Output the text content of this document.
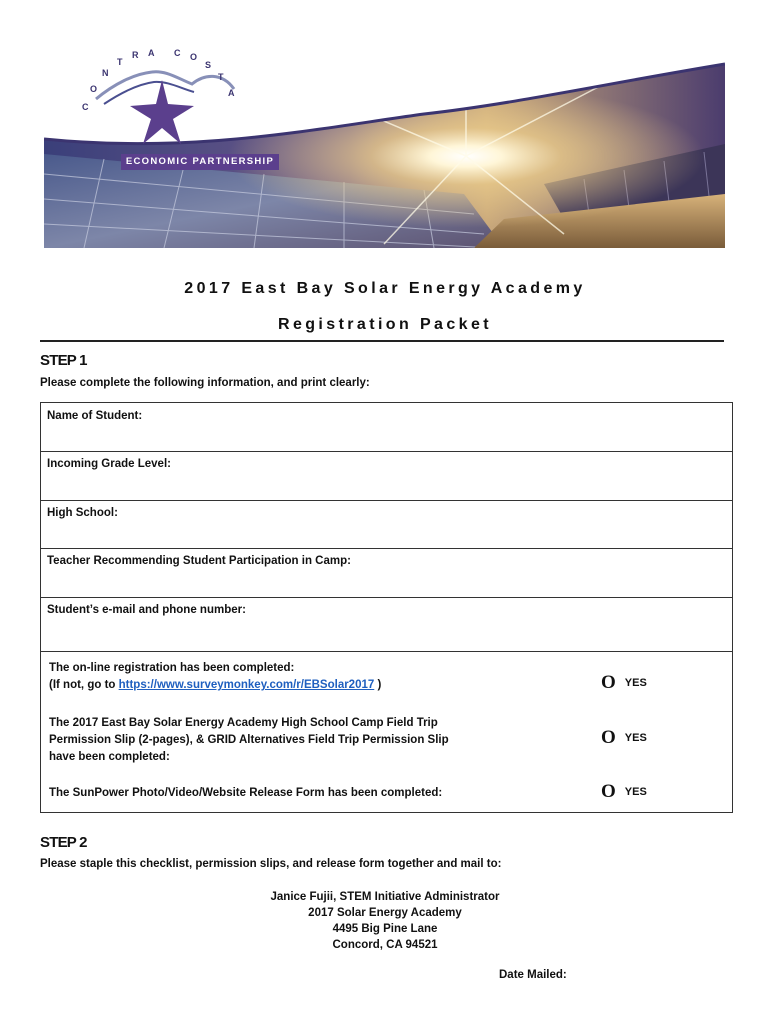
C
O
N
T
R A C O
S
T
A
ECONOMIC PARTNERSHIP
2017 East Bay Solar Energy Academy
Registration Packet
STEP 1
Please complete the following information, and print clearly:
Name of Student:
Incoming Grade Level:
High School:
Teacher Recommending Student Participation in Camp:
Student’s e-mail and phone number:
The on-line registration has been completed:
(If not, go to https://www.surveymonkey.com/r/EBSolar2017 )	O YES
The 2017 East Bay Solar Energy Academy High School Camp Field Trip
Permission Slip (2-pages), & GRID Alternatives Field Trip Permission Slip
have been completed:
O YES
The SunPower Photo/Video/Website Release Form has been completed:	O YES
STEP 2
Please staple this checklist, permission slips, and release form together and mail to:
Janice Fujii, STEM Initiative Administrator
2017 Solar Energy Academy
4495 Big Pine Lane
Concord, CA 94521
Date Mailed:
